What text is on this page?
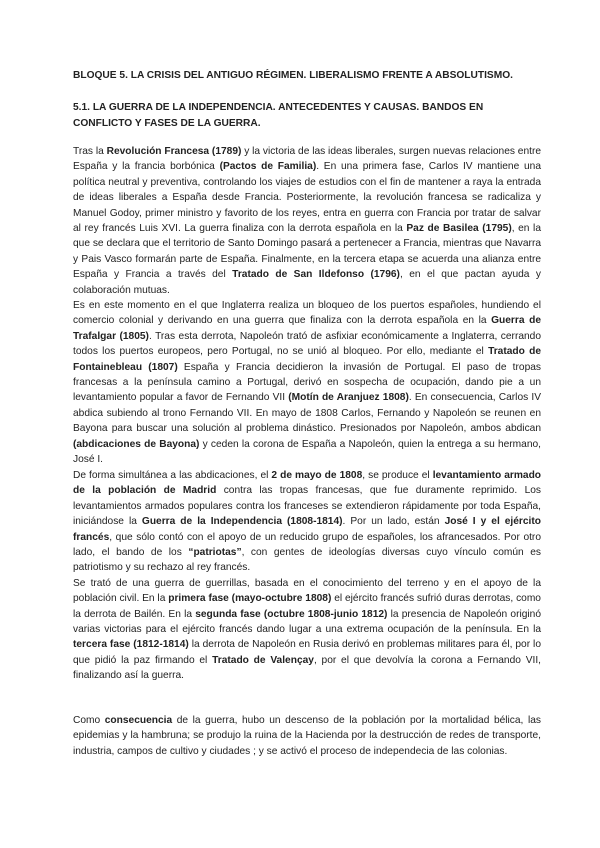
BLOQUE 5. LA CRISIS DEL ANTIGUO RÉGIMEN. LIBERALISMO FRENTE A ABSOLUTISMO.
5.1. LA GUERRA DE LA INDEPENDENCIA. ANTECEDENTES Y CAUSAS. BANDOS EN CONFLICTO Y FASES DE LA GUERRA.
Tras la Revolución Francesa (1789) y la victoria de las ideas liberales, surgen nuevas relaciones entre España y la francia borbónica (Pactos de Familia). En una primera fase, Carlos IV mantiene una política neutral y preventiva, controlando los viajes de estudios con el fin de mantener a raya la entrada de ideas liberales a España desde Francia. Posteriormente, la revolución francesa se radicaliza y Manuel Godoy, primer ministro y favorito de los reyes, entra en guerra con Francia por tratar de salvar al rey francés Luis XVI. La guerra finaliza con la derrota española en la Paz de Basilea (1795), en la que se declara que el territorio de Santo Domingo pasará a pertenecer a Francia, mientras que Navarra y Pais Vasco formarán parte de España. Finalmente, en la tercera etapa se acuerda una alianza entre España y Francia a través del Tratado de San Ildefonso (1796), en el que pactan ayuda y colaboración mutuas.
Es en este momento en el que Inglaterra realiza un bloqueo de los puertos españoles, hundiendo el comercio colonial y derivando en una guerra que finaliza con la derrota española en la Guerra de Trafalgar (1805). Tras esta derrota, Napoleón trató de asfixiar económicamente a Inglaterra, cerrando todos los puertos europeos, pero Portugal, no se unió al bloqueo. Por ello, mediante el Tratado de Fontainebleau (1807) España y Francia decidieron la invasión de Portugal. El paso de tropas francesas a la península camino a Portugal, derivó en sospecha de ocupación, dando pie a un levantamiento popular a favor de Fernando VII (Motín de Aranjuez 1808). En consecuencia, Carlos IV abdica subiendo al trono Fernando VII. En mayo de 1808 Carlos, Fernando y Napoleón se reunen en Bayona para buscar una solución al problema dinástico. Presionados por Napoleón, ambos abdican (abdicaciones de Bayona) y ceden la corona de España a Napoleón, quien la entrega a su hermano, José I.
De forma simultánea a las abdicaciones, el 2 de mayo de 1808, se produce el levantamiento armado de la población de Madrid contra las tropas francesas, que fue duramente reprimido. Los levantamientos armados populares contra los franceses se extendieron rápidamente por toda España, iniciándose la Guerra de la Independencia (1808-1814). Por un lado, están José I y el ejército francés, que sólo contó con el apoyo de un reducido grupo de españoles, los afrancesados. Por otro lado, el bando de los “patriotas”, con gentes de ideologías diversas cuyo vínculo común es patriotismo y su rechazo al rey francés.
Se trató de una guerra de guerrillas, basada en el conocimiento del terreno y en el apoyo de la población civil. En la primera fase (mayo-octubre 1808) el ejército francés sufrió duras derrotas, como la derrota de Bailén. En la segunda fase (octubre 1808-junio 1812) la presencia de Napoleón originó varias victorias para el ejército francés dando lugar a una extrema ocupación de la península. En la tercera fase (1812-1814) la derrota de Napoleón en Rusia derivó en problemas militares para él, por lo que pidió la paz firmando el Tratado de Valençay, por el que devolvía la corona a Fernando VII, finalizando así la guerra.
Como consecuencia de la guerra, hubo un descenso de la población por la mortalidad bélica, las epidemias y la hambruna; se produjo la ruina de la Hacienda por la destrucción de redes de transporte, industria, campos de cultivo y ciudades ; y se activó el proceso de independecia de las colonias.
